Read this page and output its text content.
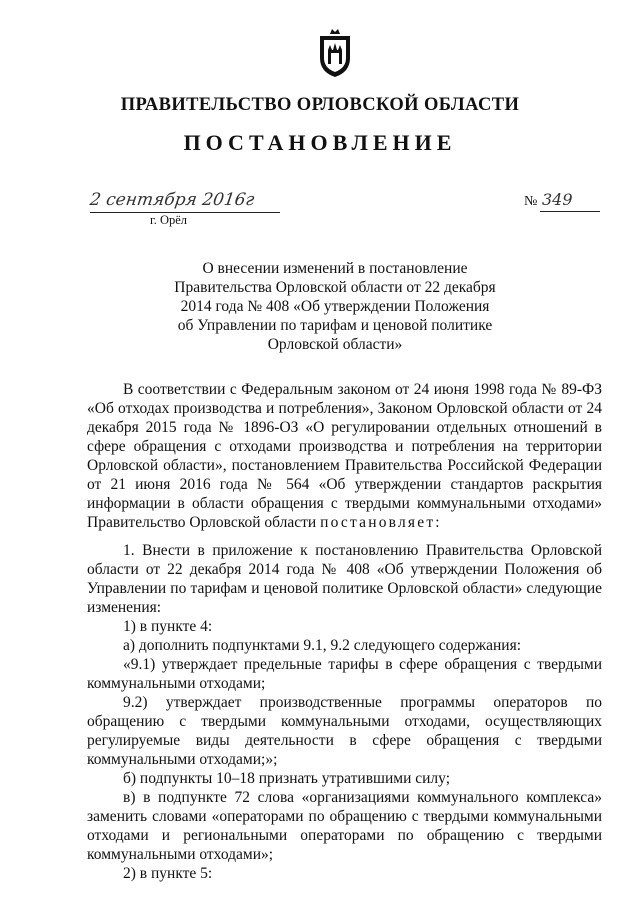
ПРАВИТЕЛЬСТВО ОРЛОВСКОЙ ОБЛАСТИ
ПОСТАНОВЛЕНИЕ
2 сентября 2016г
г. Орёл
№ 349
О внесении изменений в постановление
Правительства Орловской области от 22 декабря
2014 года № 408 «Об утверждении Положения
об Управлении по тарифам и ценовой политике
Орловской области»

В соответствии с Федеральным законом от 24 июня 1998 года № 89-ФЗ «Об отходах производства и потребления», Законом Орловской области от 24 декабря 2015 года № 1896-ОЗ «О регулировании отдельных отношений в сфере обращения с отходами производства и потребления на территории Орловской области», постановлением Правительства Российской Федерации от 21 июня 2016 года № 564 «Об утверждении стандартов раскрытия информации в области обращения с твердыми коммунальными отходами» Правительство Орловской области постановляет:

1. Внести в приложение к постановлению Правительства Орловской области от 22 декабря 2014 года № 408 «Об утверждении Положения об Управлении по тарифам и ценовой политике Орловской области» следующие изменения:

1) в пункте 4:

а) дополнить подпунктами 9.1, 9.2 следующего содержания:

«9.1) утверждает предельные тарифы в сфере обращения с твердыми коммунальными отходами;

9.2) утверждает производственные программы операторов по обращению с твердыми коммунальными отходами, осуществляющих регулируемые виды деятельности в сфере обращения с твердыми коммунальными отходами;»;

б) подпункты 10–18 признать утратившими силу;

в) в подпункте 72 слова «организациями коммунального комплекса» заменить словами «операторами по обращению с твердыми коммунальными отходами и региональными операторами по обращению с твердыми коммунальными отходами»;

2) в пункте 5:
